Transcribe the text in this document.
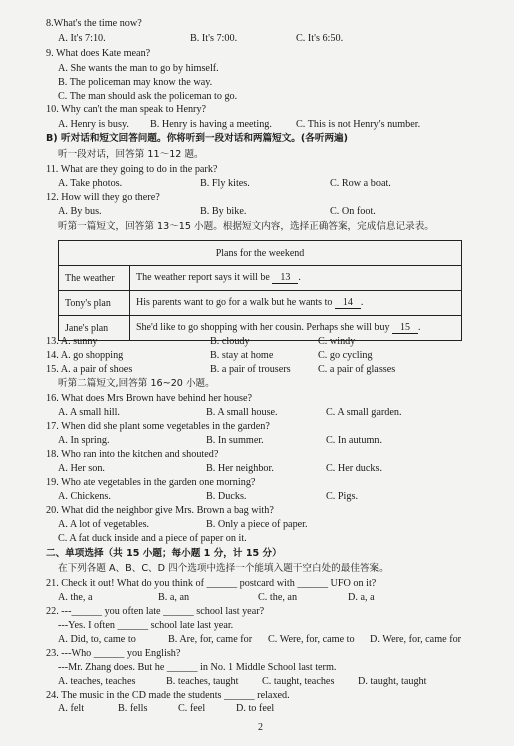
8.What's the time now?
A. It's 7:10.	B. It's 7:00.	C. It's 6:50.
9. What does Kate mean?
A. She wants the man to go by himself.
B. The policeman may know the way.
C. The man should ask the policeman to go.
10. Why can't the man speak to Henry?
A. Henry is busy. B. Henry is having a meeting. C. This is not Henry's number.
B) 听对话和短文回答问题。你将听到一段对话和两篇短文。(各听两遍)
听一段对话，回答第 11～12 题。
11. What are they going to do in the park?
A. Take photos.	B. Fly kites.	C. Row a boat.
12. How will they go there?
A. By bus.	B. By bike.	C. On foot.
听第一篇短文，回答第 13～15 小题。根据短文内容，选择正确答案，完成信息记录表。
Plans for the weekend	
The weather	The weather report says it will be 13 .
Tony's plan	His parents want to go for a walk but he wants to 14 .
Jane's plan	She'd like to go shopping with her cousin. Perhaps she will buy 15 .
13. A. sunny	B. cloudy	C. windy
14. A. go shopping	B. stay at home	C. go cycling
15. A. a pair of shoes	B. a pair of trousers	C. a pair of glasses
听第二篇短文,回答第 16~20 小题。
16. What does Mrs Brown have behind her house?
A. A small hill.	B. A small house.	C. A small garden.
17. When did she plant some vegetables in the garden?
A. In spring.	B. In summer.	C. In autumn.
18. Who ran into the kitchen and shouted?
A. Her son.	B. Her neighbor.	C. Her ducks.
19. Who ate vegetables in the garden one morning?
A. Chickens.	B. Ducks.	C. Pigs.
20. What did the neighbor give Mrs. Brown a bag with?
A. A lot of vegetables.	B. Only a piece of paper.
C. A fat duck inside and a piece of paper on it.
二、单项选择（共 15 小题；每小题 1 分，计 15 分）
在下列各题 A、B、C、D 四个选项中选择一个能填入题干空白处的最佳答案。
21. Check it out! What do you think of ______ postcard with ______ UFO on it?
A. the, a	B. a, an	C. the, an	D. a, a
22. ---______ you often late ______ school last year?
---Yes. I often ______ school late last year.
A. Did, to, came to	B. Are, for, came for C. Were, for, came to D. Were, for, came for
23. ---Who ______ you English?
---Mr. Zhang does. But he ______ in No. 1 Middle School last term.
A. teaches, teaches	B. teaches, taught C. taught, teaches D. taught, taught
24. The music in the CD made the students ______ relaxed.
A. felt	B. fells	C. feel	D. to feel
2
